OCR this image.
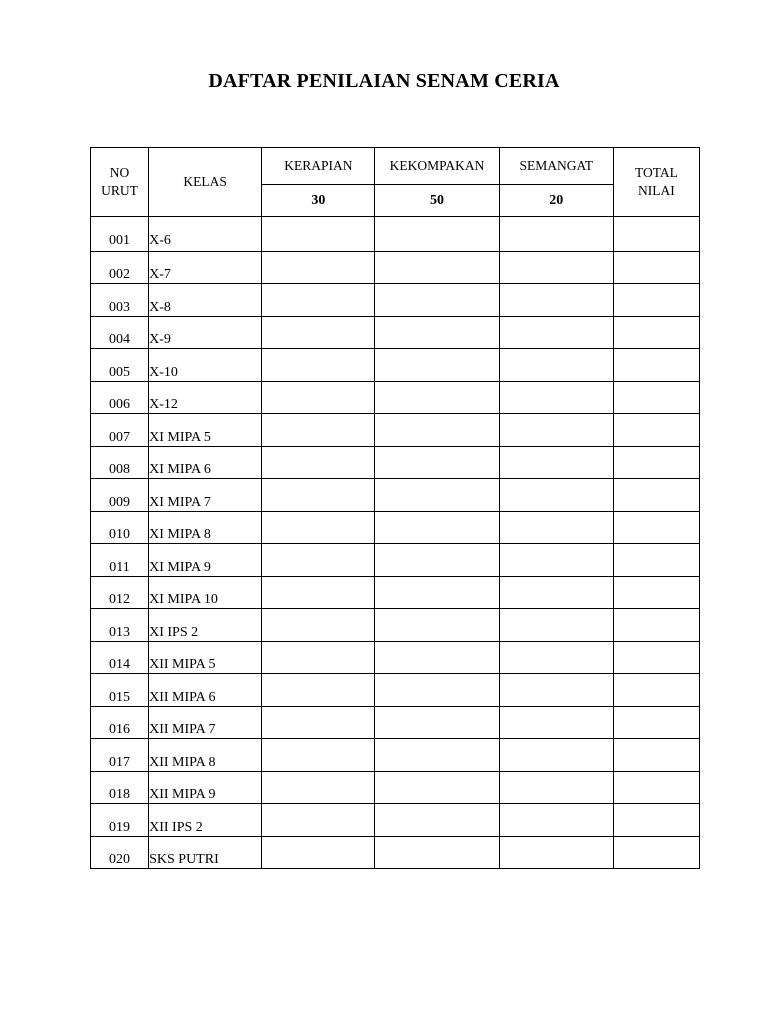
DAFTAR PENILAIAN SENAM CERIA
NO URUT	KELAS	KERAPIAN	KEKOMPAKAN	SEMANGAT	TOTAL NILAI
		30	50	20	
001	X-6				
002	X-7				
003	X-8				
004	X-9				
005	X-10				
006	X-12				
007	XI MIPA 5				
008	XI MIPA 6				
009	XI MIPA 7				
010	XI MIPA 8				
011	XI MIPA 9				
012	XI MIPA 10				
013	XI IPS 2				
014	XII MIPA 5				
015	XII MIPA 6				
016	XII MIPA 7				
017	XII MIPA 8				
018	XII MIPA 9				
019	XII IPS 2				
020	SKS PUTRI				
